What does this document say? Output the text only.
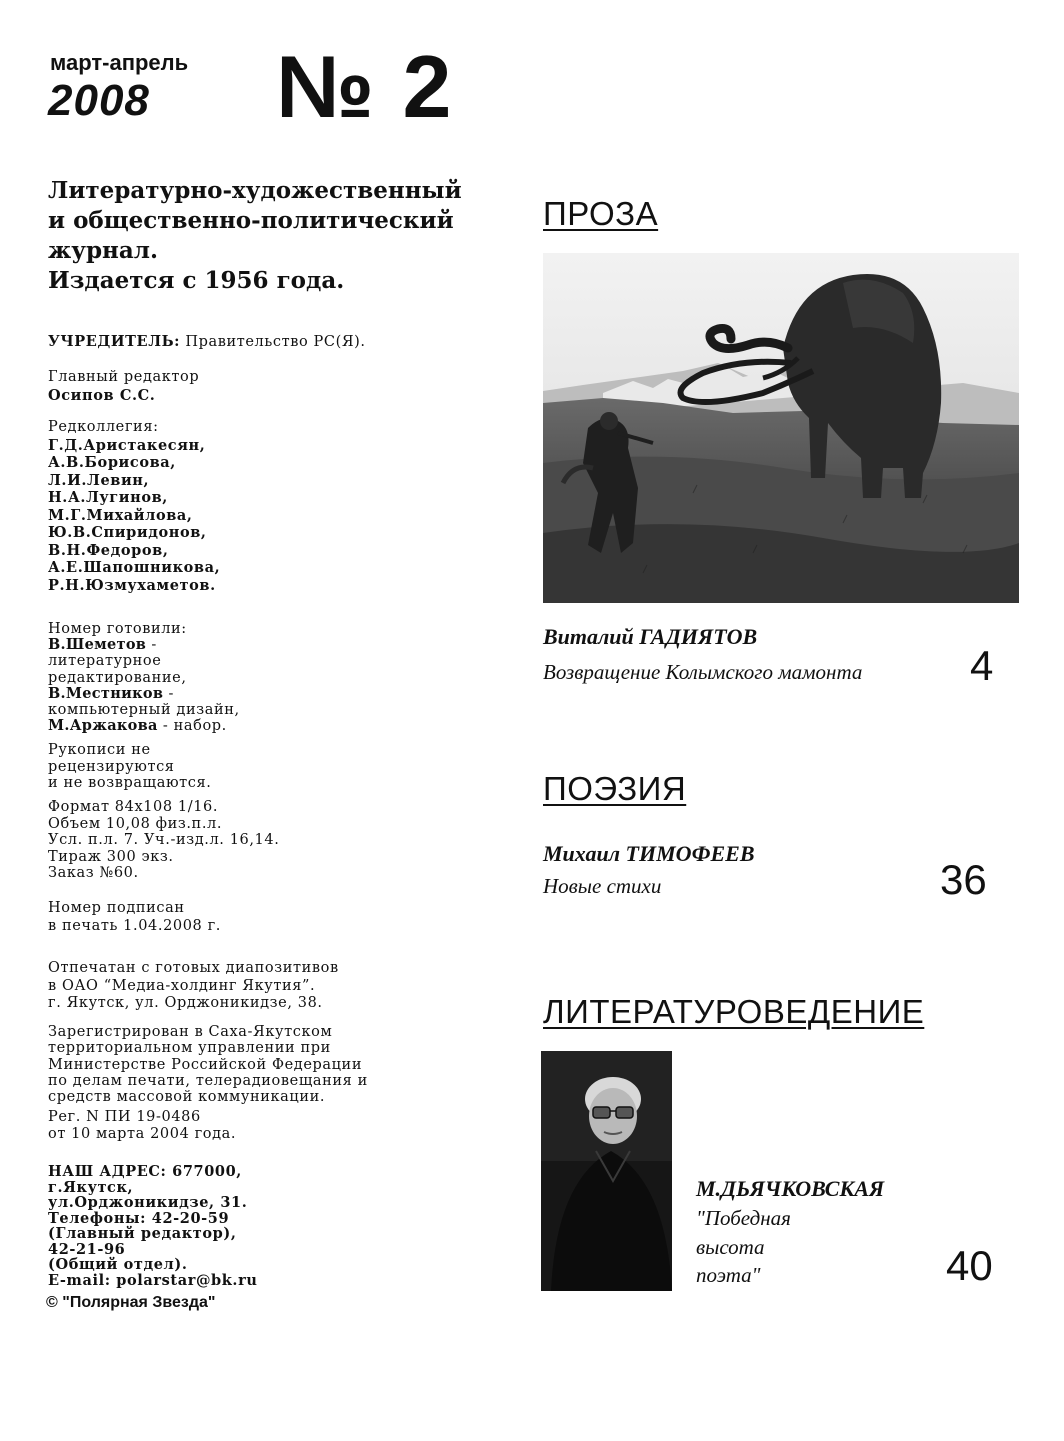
март-апрель
2008 № 2
Литературно-художественный
и общественно-политический
журнал.
Издается с 1956 года.
УЧРЕДИТЕЛЬ: Правительство РС(Я).
Главный редактор
Осипов С.С.
Редколлегия:
Г.Д.Аристакесян,
А.В.Борисова,
Л.И.Левин,
Н.А.Лугинов,
М.Г.Михайлова,
Ю.В.Спиридонов,
В.Н.Федоров,
А.Е.Шапошникова,
Р.Н.Юзмухаметов.
Номер готовили:
В.Шеметов -
литературное
редактирование,
В.Местников -
компьютерный дизайн,
М.Аржакова - набор.
Рукописи не
рецензируются
и не возвращаются.
Формат 84x108 1/16.
Объем 10,08 физ.п.л.
Усл. п.л. 7. Уч.-изд.л. 16,14.
Тираж 300 экз.
Заказ №60.
Номер подписан
в печать 1.04.2008 г.
Отпечатан с готовых диапозитивов
в ОАО “Медиа-холдинг Якутия”.
г. Якутск, ул. Орджоникидзе, 38.
Зарегистрирован в Саха-Якутском
территориальном управлении при
Министерстве Российской Федерации
по делам печати, телерадиовещания и
средств массовой коммуникации.
Рег. N ПИ 19-0486
от 10 марта 2004 года.
НАШ АДРЕС: 677000,
г.Якутск,
ул.Орджоникидзе, 31.
Телефоны: 42-20-59
(Главный редактор),
42-21-96
(Общий отдел).
E-mail: polarstar@bk.ru
© "Полярная Звезда"
ПРОЗА
Виталий ГАДИЯТОВ
Возвращение Колымского мамонта	4
ПОЭЗИЯ
Михаил ТИМОФЕЕВ
Новые стихи	36
ЛИТЕРАТУРОВЕДЕНИЕ
М.ДЬЯЧКОВСКАЯ
"Победная
высота
поэта"	40
